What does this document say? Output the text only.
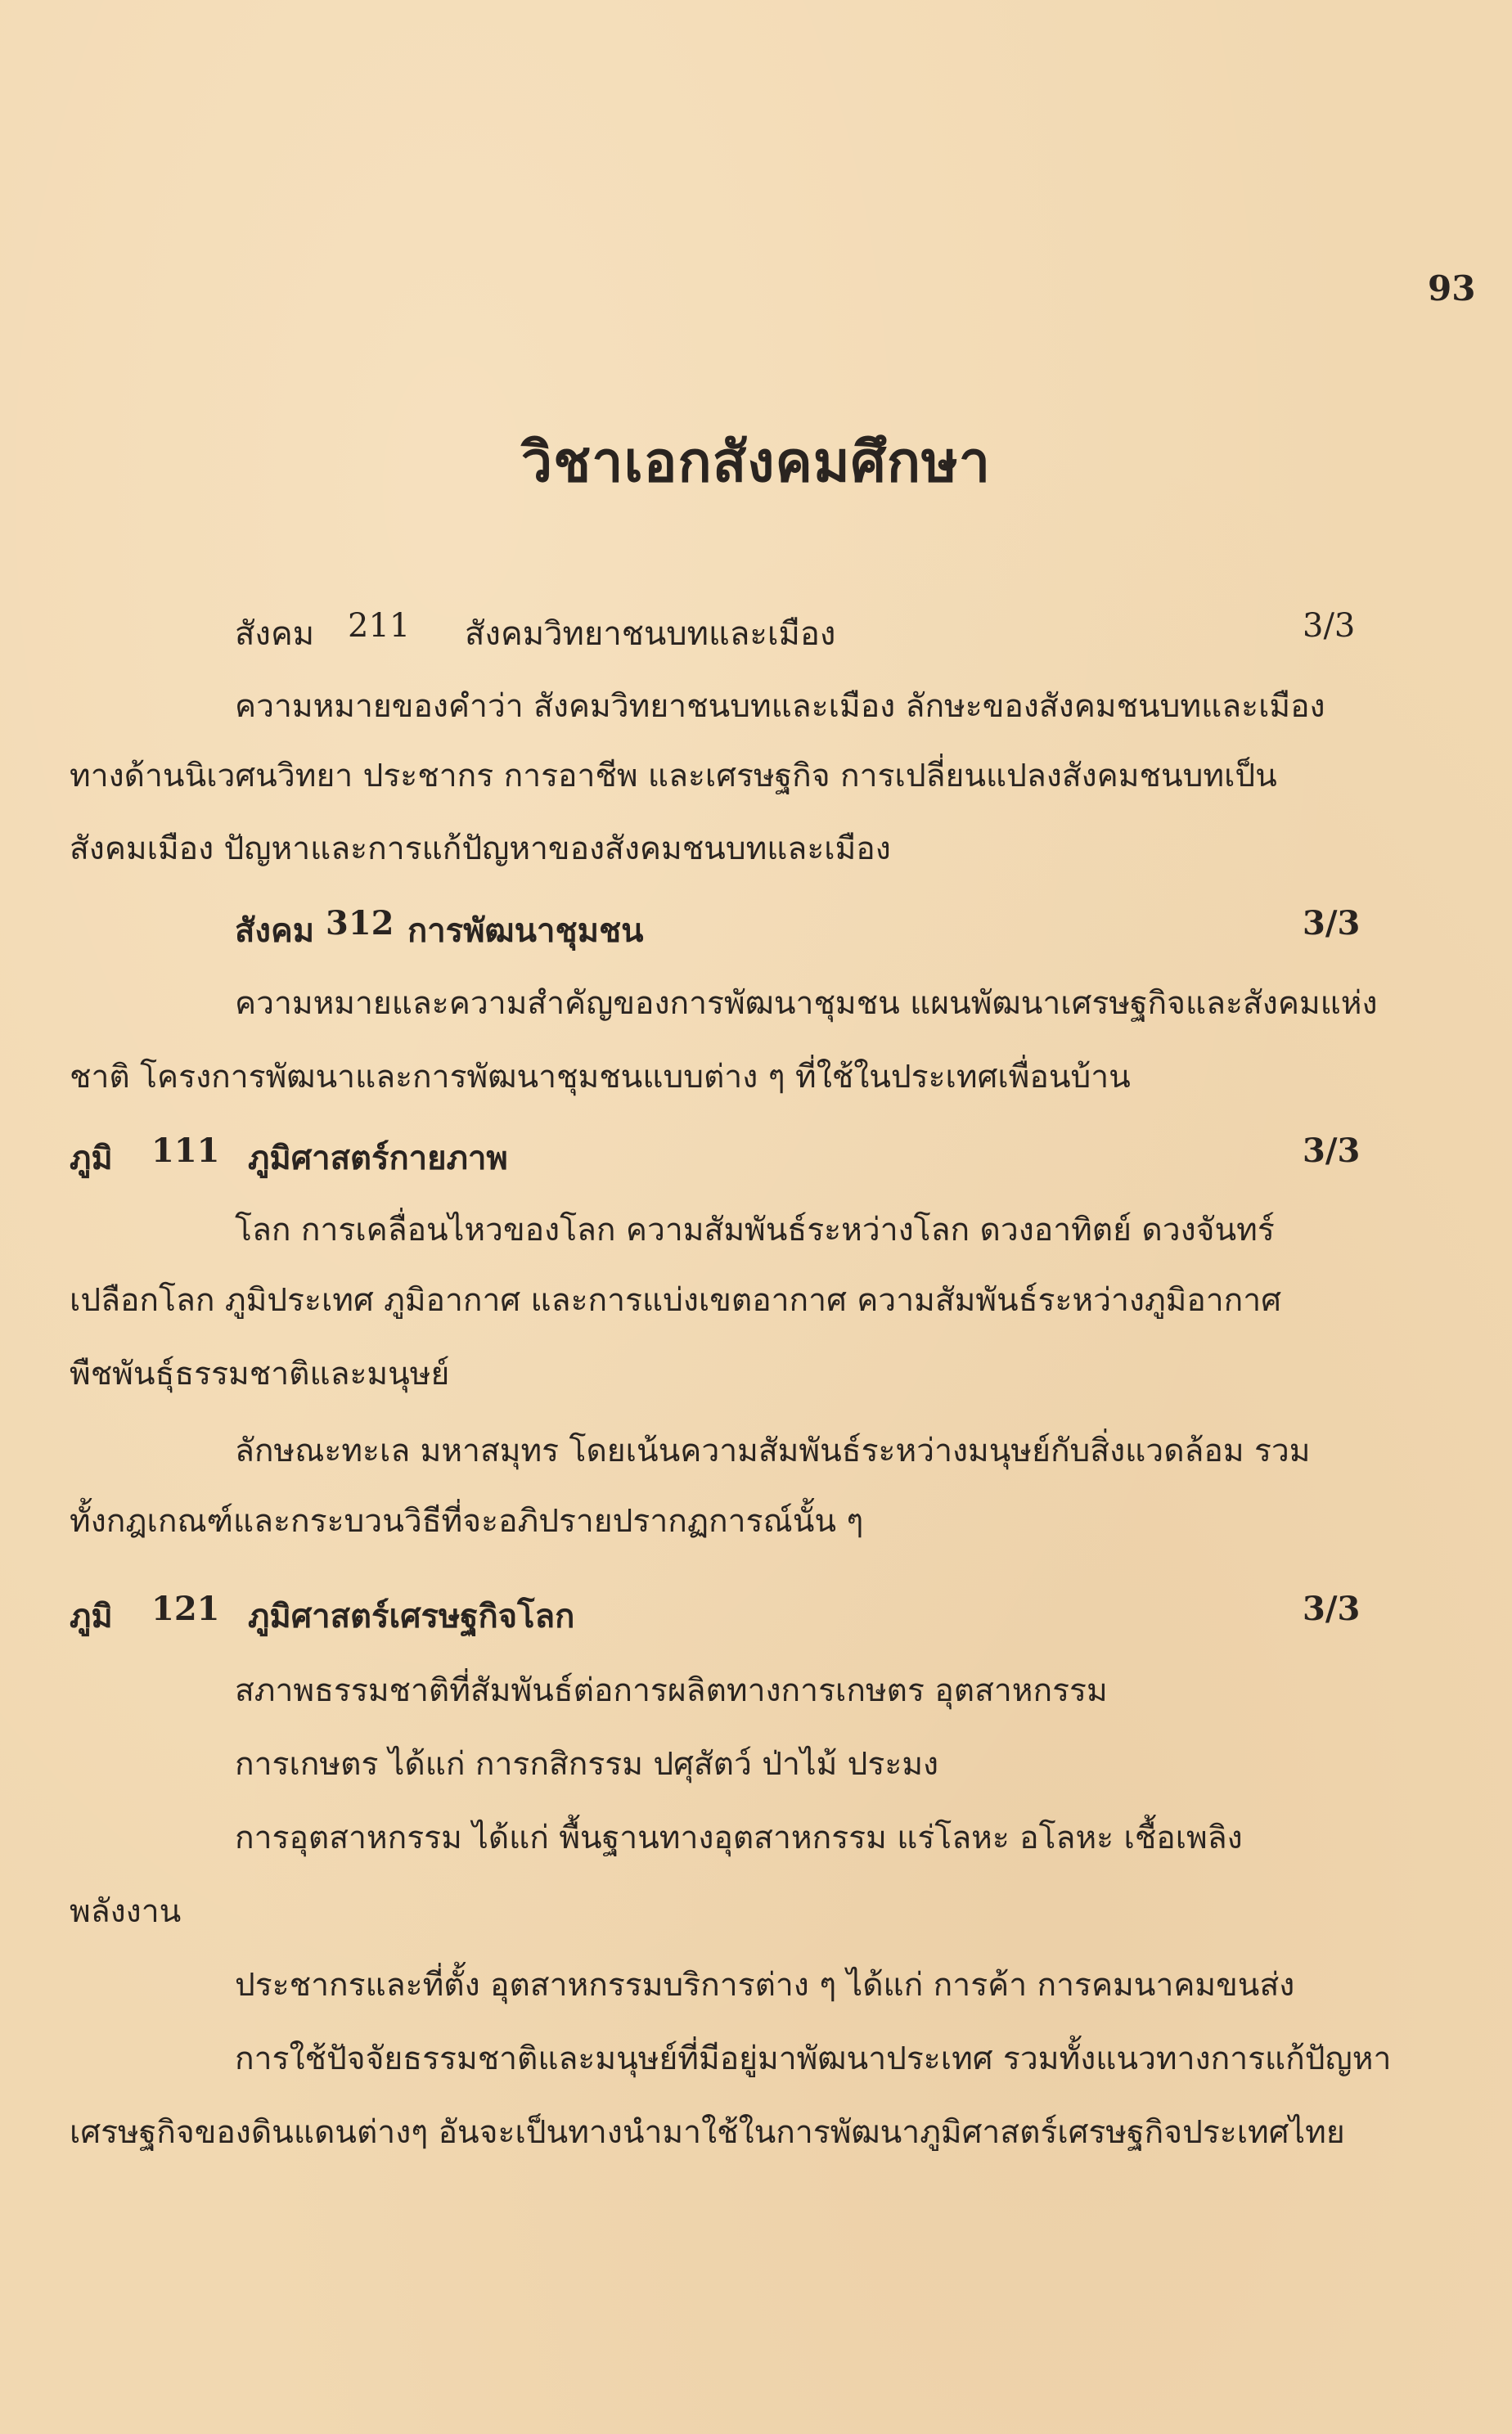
93
วิชาเอกสังคมศึกษา
สังคม 211 สังคมวิทยาชนบทและเมือง	3/3
ความหมายของคำว่า สังคมวิทยาชนบทและเมือง ลักษะของสังคมชนบทและเมือง
ทางด้านนิเวศนวิทยา ประชากร การอาชีพ และเศรษฐกิจ การเปลี่ยนแปลงสังคมชนบทเป็น
สังคมเมือง ปัญหาและการแก้ปัญหาของสังคมชนบทและเมือง
สังคม 312 การพัฒนาชุมชน	3/3
ความหมายและความสำคัญของการพัฒนาชุมชน แผนพัฒนาเศรษฐกิจและสังคมแห่ง
ชาติ โครงการพัฒนาและการพัฒนาชุมชนแบบต่าง ๆ ที่ใช้ในประเทศเพื่อนบ้าน
ภูมิ 111 ภูมิศาสตร์กายภาพ	3/3
โลก การเคลื่อนไหวของโลก ความสัมพันธ์ระหว่างโลก ดวงอาทิตย์ ดวงจันทร์
เปลือกโลก ภูมิประเทศ ภูมิอากาศ และการแบ่งเขตอากาศ ความสัมพันธ์ระหว่างภูมิอากาศ
พืชพันธุ์ธรรมชาติและมนุษย์
ลักษณะทะเล มหาสมุทร โดยเน้นความสัมพันธ์ระหว่างมนุษย์กับสิ่งแวดล้อม รวม
ทั้งกฎเกณฑ์และกระบวนวิธีที่จะอภิปรายปรากฏการณ์นั้น ๆ
ภูมิ 121 ภูมิศาสตร์เศรษฐกิจโลก	3/3
สภาพธรรมชาติที่สัมพันธ์ต่อการผลิตทางการเกษตร อุตสาหกรรม
การเกษตร ได้แก่ การกสิกรรม ปศุสัตว์ ป่าไม้ ประมง
การอุตสาหกรรม ได้แก่ พื้นฐานทางอุตสาหกรรม แร่โลหะ อโลหะ เชื้อเพลิง
พลังงาน
ประชากรและที่ตั้ง อุตสาหกรรมบริการต่าง ๆ ได้แก่ การค้า การคมนาคมขนส่ง
การใช้ปัจจัยธรรมชาติและมนุษย์ที่มีอยู่มาพัฒนาประเทศ รวมทั้งแนวทางการแก้ปัญหา
เศรษฐกิจของดินแดนต่างๆ อันจะเป็นทางนำมาใช้ในการพัฒนาภูมิศาสตร์เศรษฐกิจประเทศไทย
